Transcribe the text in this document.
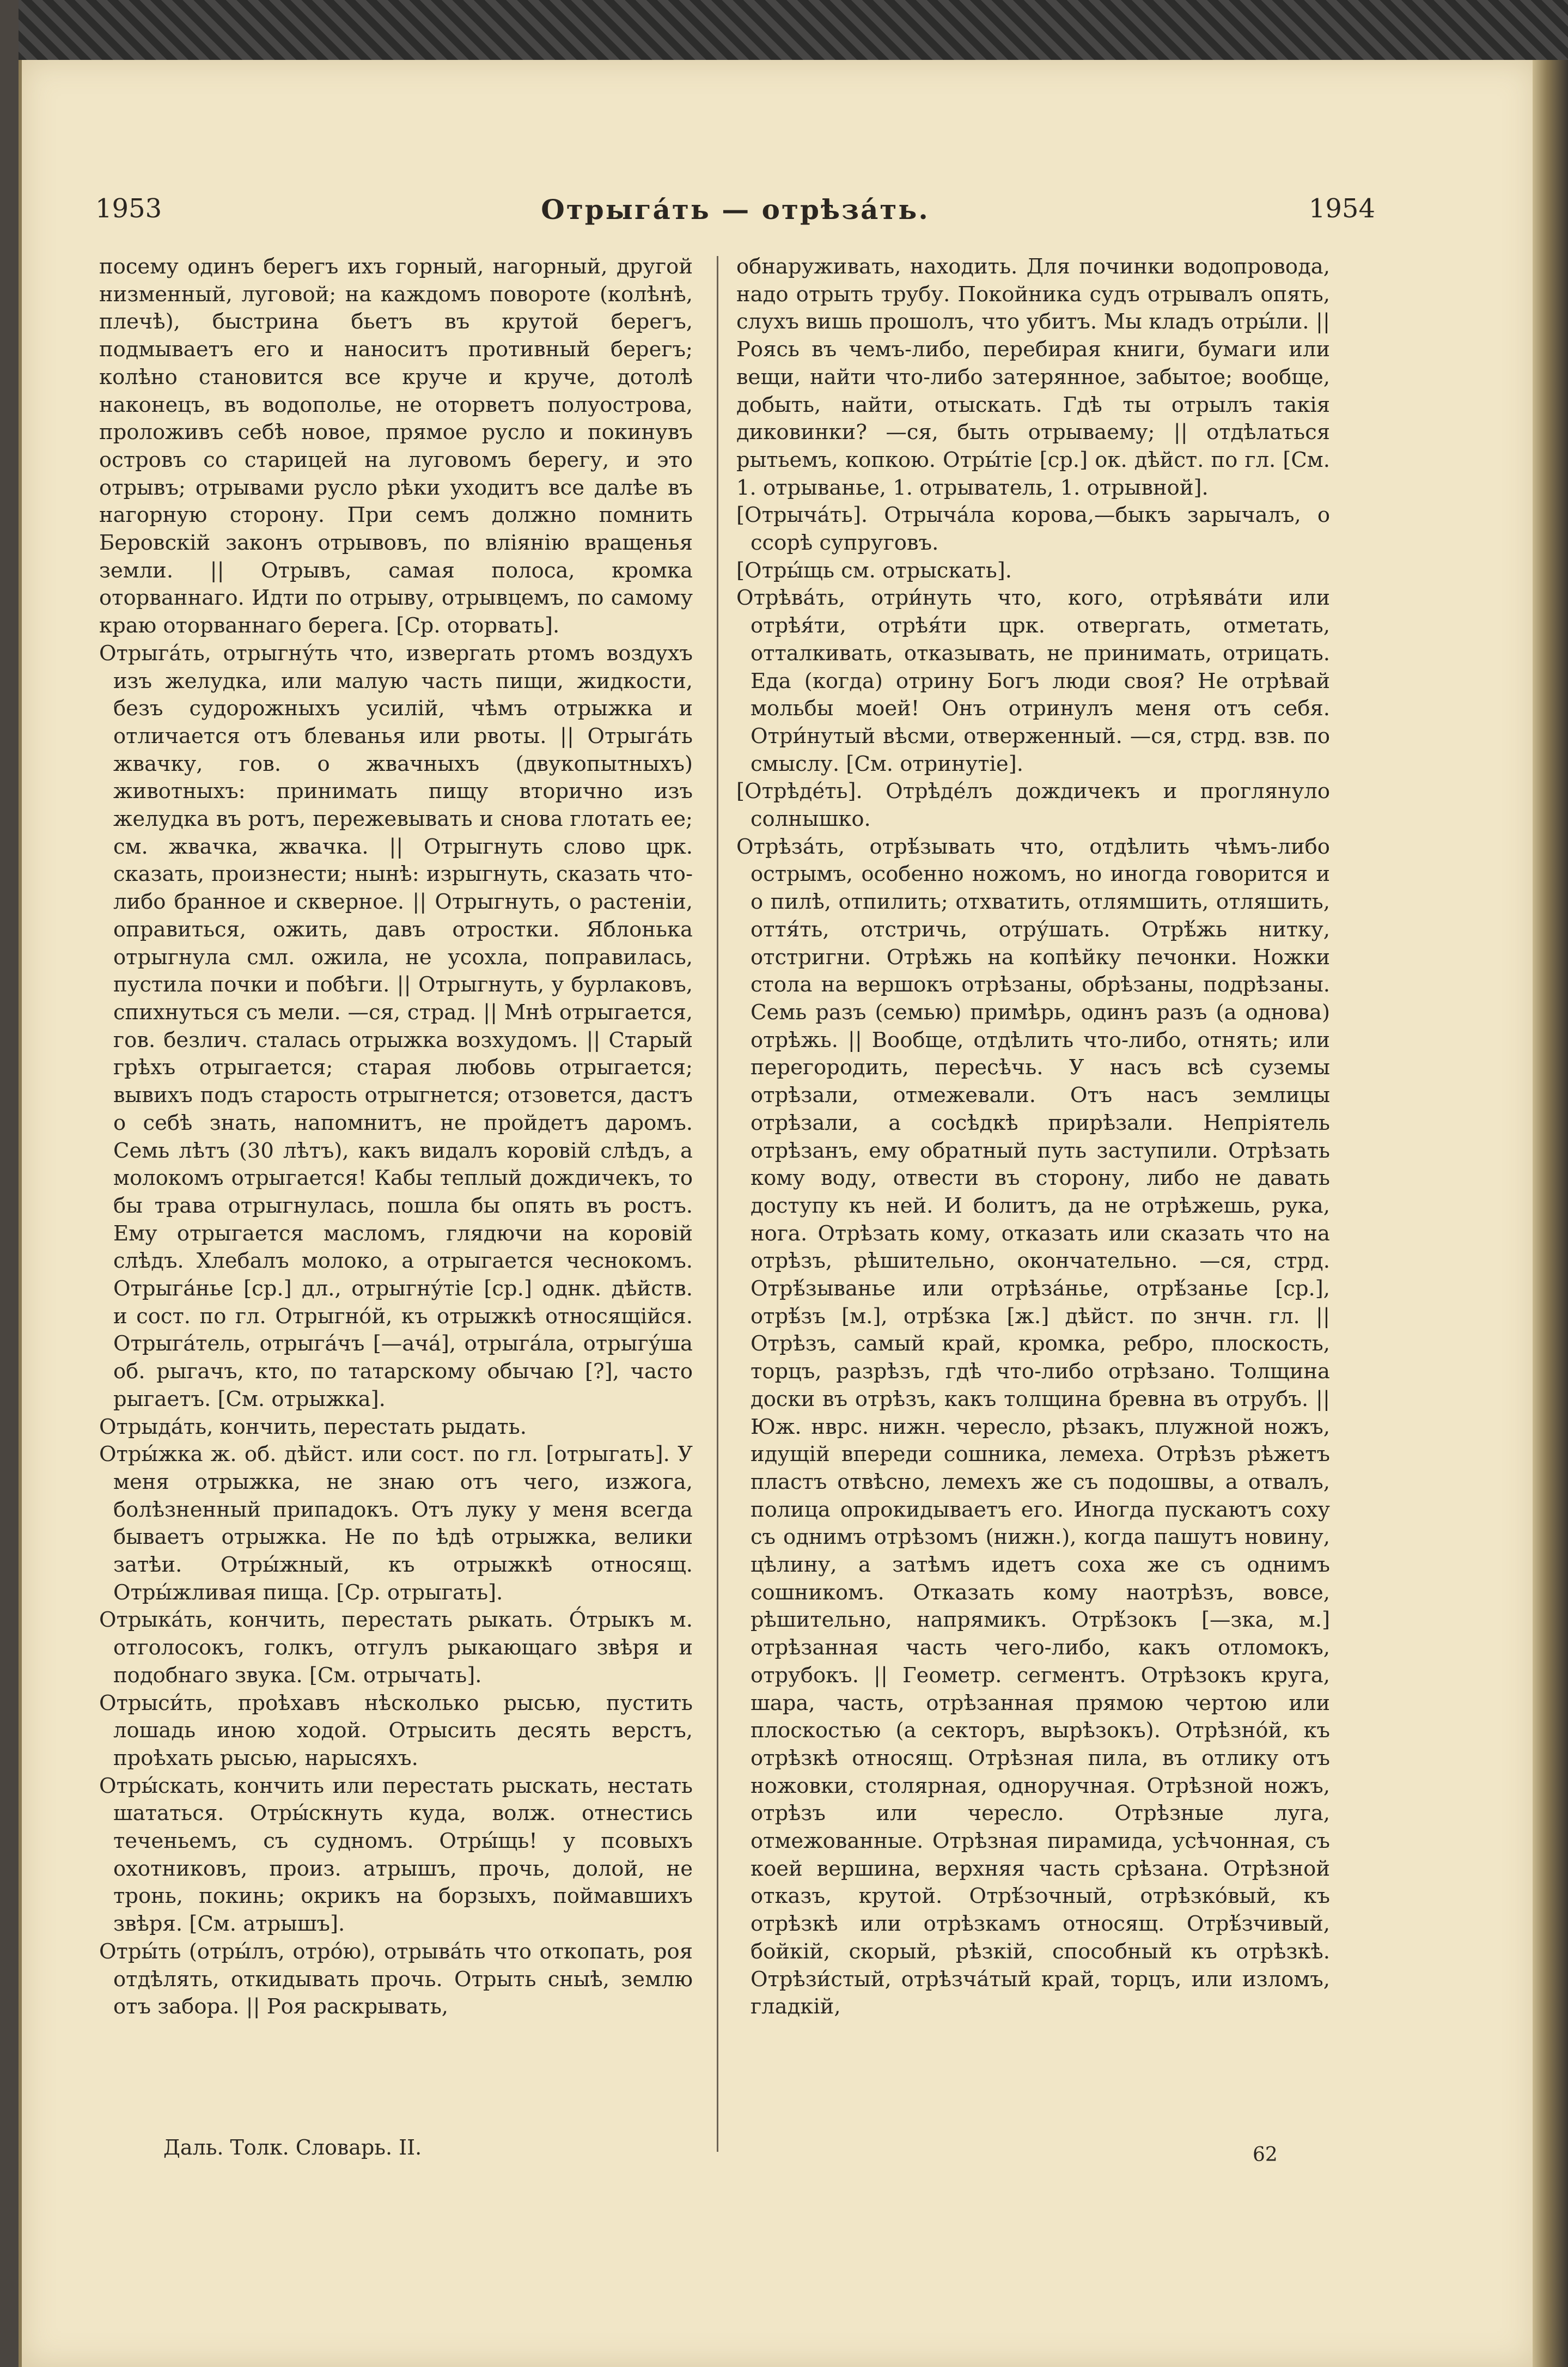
1953	Отрыга́ть — отрѣза́ть.	1954

посему одинъ берегъ ихъ горный, нагорный, другой низменный, луговой; на каждомъ повороте (колѣнѣ, плечѣ), быстрина бьетъ въ крутой берегъ, подмываетъ его и наноситъ противный берегъ; колѣно становится все круче и круче, дотолѣ наконецъ, въ водополье, не оторветъ полуострова, проложивъ себѣ новое, прямое русло и покинувъ островъ со старицей на луговомъ берегу, и это отрывъ; отрывами русло рѣки уходитъ все далѣе въ нагорную сторону. При семъ должно помнить Беровскій законъ отрывовъ, по вліянію вращенья земли. || Отрывъ, самая полоса, кромка оторваннаго. Идти по отрыву, отрывцемъ, по самому краю оторваннаго берега. [Ср. оторвать].

Отрыга́ть, отрыгну́ть что, извергать ртомъ воздухъ изъ желудка, или малую часть пищи, жидкости, безъ судорожныхъ усилій, чѣмъ отрыжка и отличается отъ блеванья или рвоты. || Отрыга́ть жвачку, гов. о жвачныхъ (двукопытныхъ) животныхъ: принимать пищу вторично изъ желудка въ ротъ, пережевывать и снова глотать ее; см. жвачка, жвачка. || Отрыгнуть слово црк. сказать, произнести; нынѣ: изрыгнуть, сказать что-либо бранное и скверное. || Отрыгнуть, о растеніи, оправиться, ожить, давъ отростки. Яблонька отрыгнула смл. ожила, не усохла, поправилась, пустила почки и побѣги. || Отрыгнуть, у бурлаковъ, спихнуться съ мели. —ся, страд. || Мнѣ отрыгается, гов. безлич. сталась отрыжка возхудомъ. || Старый грѣхъ отрыгается; старая любовь отрыгается; вывихъ подъ старость отрыгнется; отзовется, дастъ о себѣ знать, напомнитъ, не пройдетъ даромъ. Семь лѣтъ (30 лѣтъ), какъ видалъ коровій слѣдъ, а молокомъ отрыгается! Кабы теплый дождичекъ, то бы трава отрыгнулась, пошла бы опять въ ростъ. Ему отрыгается масломъ, глядючи на коровій слѣдъ. Хлебалъ молоко, а отрыгается чеснокомъ. Отрыга́нье [ср.] дл., отрыгну́тіе [ср.] однк. дѣйств. и сост. по гл. Отрыгно́й, къ отрыжкѣ относящійся. Отрыга́тель, отрыга́чъ [—ача́], отрыга́ла, отрыгу́ша об. рыгачъ, кто, по татарскому обычаю [?], часто рыгаетъ. [См. отрыжка].

Отрыда́ть, кончить, перестать рыдать.

Отры́жка ж. об. дѣйст. или сост. по гл. [отрыгать]. У меня отрыжка, не знаю отъ чего, изжога, болѣзненный припадокъ. Отъ луку у меня всегда бываетъ отрыжка. Не по ѣдѣ отрыжка, велики затѣи. Отры́жный, къ отрыжкѣ относящ. Отры́жливая пища. [Ср. отрыгать].

Отрыка́ть, кончить, перестать рыкать. О́трыкъ м. отголосокъ, голкъ, отгулъ рыкающаго звѣря и подобнаго звука. [См. отрычать].

Отрыси́ть, проѣхавъ нѣсколько рысью, пустить лошадь иною ходой. Отрысить десять верстъ, проѣхать рысью, нарысяхъ.

Отры́скать, кончить или перестать рыскать, нестать шататься. Отры́скнуть куда, волж. отнестись теченьемъ, съ судномъ. Отры́щь! у псовыхъ охотниковъ, произ. атрышъ, прочь, долой, не тронь, покинь; окрикъ на борзыхъ, поймавшихъ звѣря. [См. атрышъ].

Отры́ть (отры́лъ, отро́ю), отрыва́ть что откопать, роя отдѣлять, откидывать прочь. Отрыть сныѣ, землю отъ забора. || Роя раскрывать,

обнаруживать, находить. Для починки водопровода, надо отрыть трубу. Покойника судъ отрывалъ опять, слухъ вишь прошолъ, что убитъ. Мы кладъ отры́ли. || Роясь въ чемъ-либо, перебирая книги, бумаги или вещи, найти что-либо затерянное, забытое; вообще, добыть, найти, отыскать. Гдѣ ты отрылъ такія диковинки? —ся, быть отрываему; || отдѣлаться рытьемъ, копкою. Отры́тіе [ср.] ок. дѣйст. по гл. [См. 1. отрыванье, 1. отрыватель, 1. отрывной].

[Отрыча́ть]. Отрыча́ла корова,—быкъ зарычалъ, о ссорѣ супруговъ.

[Отры́щь см. отрыскать].

Отрѣва́ть, отри́нуть что, кого, отрѣява́ти или отрѣя́ти, отрѣя́ти црк. отвергать, отметать, отталкивать, отказывать, не принимать, отрицать. Еда (когда) отрину Богъ люди своя? Не отрѣвай мольбы моей! Онъ отринулъ меня отъ себя. Отри́нутый вѣсми, отверженный. —ся, стрд. взв. по смыслу. [См. отринутіе].

[Отрѣде́ть]. Отрѣде́лъ дождичекъ и проглянуло солнышко.

Отрѣза́ть, отрѣ́зывать что, отдѣлить чѣмъ-либо острымъ, особенно ножомъ, но иногда говорится и о пилѣ, отпилить; отхватить, отлямшить, отляшить, оття́ть, отстричь, отру́шать. Отрѣ́жь нитку, отстригни. Отрѣжь на копѣйку печонки. Ножки стола на вершокъ отрѣзаны, обрѣзаны, подрѣзаны. Семь разъ (семью) примѣрь, одинъ разъ (а однова) отрѣжь. || Вообще, отдѣлить что-либо, отнять; или перегородить, пересѣчь. У насъ всѣ суземы отрѣзали, отмежевали. Отъ насъ землицы отрѣзали, а сосѣдкѣ прирѣзали. Непріятель отрѣзанъ, ему обратный путь заступили. Отрѣзать кому воду, отвести въ сторону, либо не давать доступу къ ней. И болитъ, да не отрѣжешь, рука, нога. Отрѣзать кому, отказать или сказать что на отрѣзъ, рѣшительно, окончательно. —ся, стрд. Отрѣ́зыванье или отрѣза́нье, отрѣ́занье [ср.], отрѣ́зъ [м.], отрѣ́зка [ж.] дѣйст. по знчн. гл. || Отрѣзъ, самый край, кромка, ребро, плоскость, торцъ, разрѣзъ, гдѣ что-либо отрѣзано. Толщина доски въ отрѣзъ, какъ толщина бревна въ отрубъ. || Юж. нврс. нижн. чересло, рѣзакъ, плужной ножъ, идущій впереди сошника, лемеха. Отрѣзъ рѣжетъ пластъ отвѣсно, лемехъ же съ подошвы, а отвалъ, полица опрокидываетъ его. Иногда пускаютъ соху съ однимъ отрѣзомъ (нижн.), когда пашутъ новину, цѣлину, а затѣмъ идетъ соха же съ однимъ сошникомъ. Отказать кому наотрѣзъ, вовсе, рѣшительно, напрямикъ. Отрѣ́зокъ [—зка, м.] отрѣзанная часть чего-либо, какъ отломокъ, отрубокъ. || Геометр. сегментъ. Отрѣзокъ круга, шара, часть, отрѣзанная прямою чертою или плоскостью (а секторъ, вырѣзокъ). Отрѣзно́й, къ отрѣзкѣ относящ. Отрѣзная пила, въ отлику отъ ножовки, столярная, одноручная. Отрѣзной ножъ, отрѣзъ или чересло. Отрѣзные луга, отмежованные. Отрѣзная пирамида, усѣчонная, съ коей вершина, верхняя часть срѣзана. Отрѣзной отказъ, крутой. Отрѣ́зочный, отрѣзко́вый, къ отрѣзкѣ или отрѣзкамъ относящ. Отрѣ́зчивый, бойкій, скорый, рѣзкій, способный къ отрѣзкѣ. Отрѣзи́стый, отрѣзча́тый край, торцъ, или изломъ, гладкій,

Даль. Толк. Словарь. II.	62
